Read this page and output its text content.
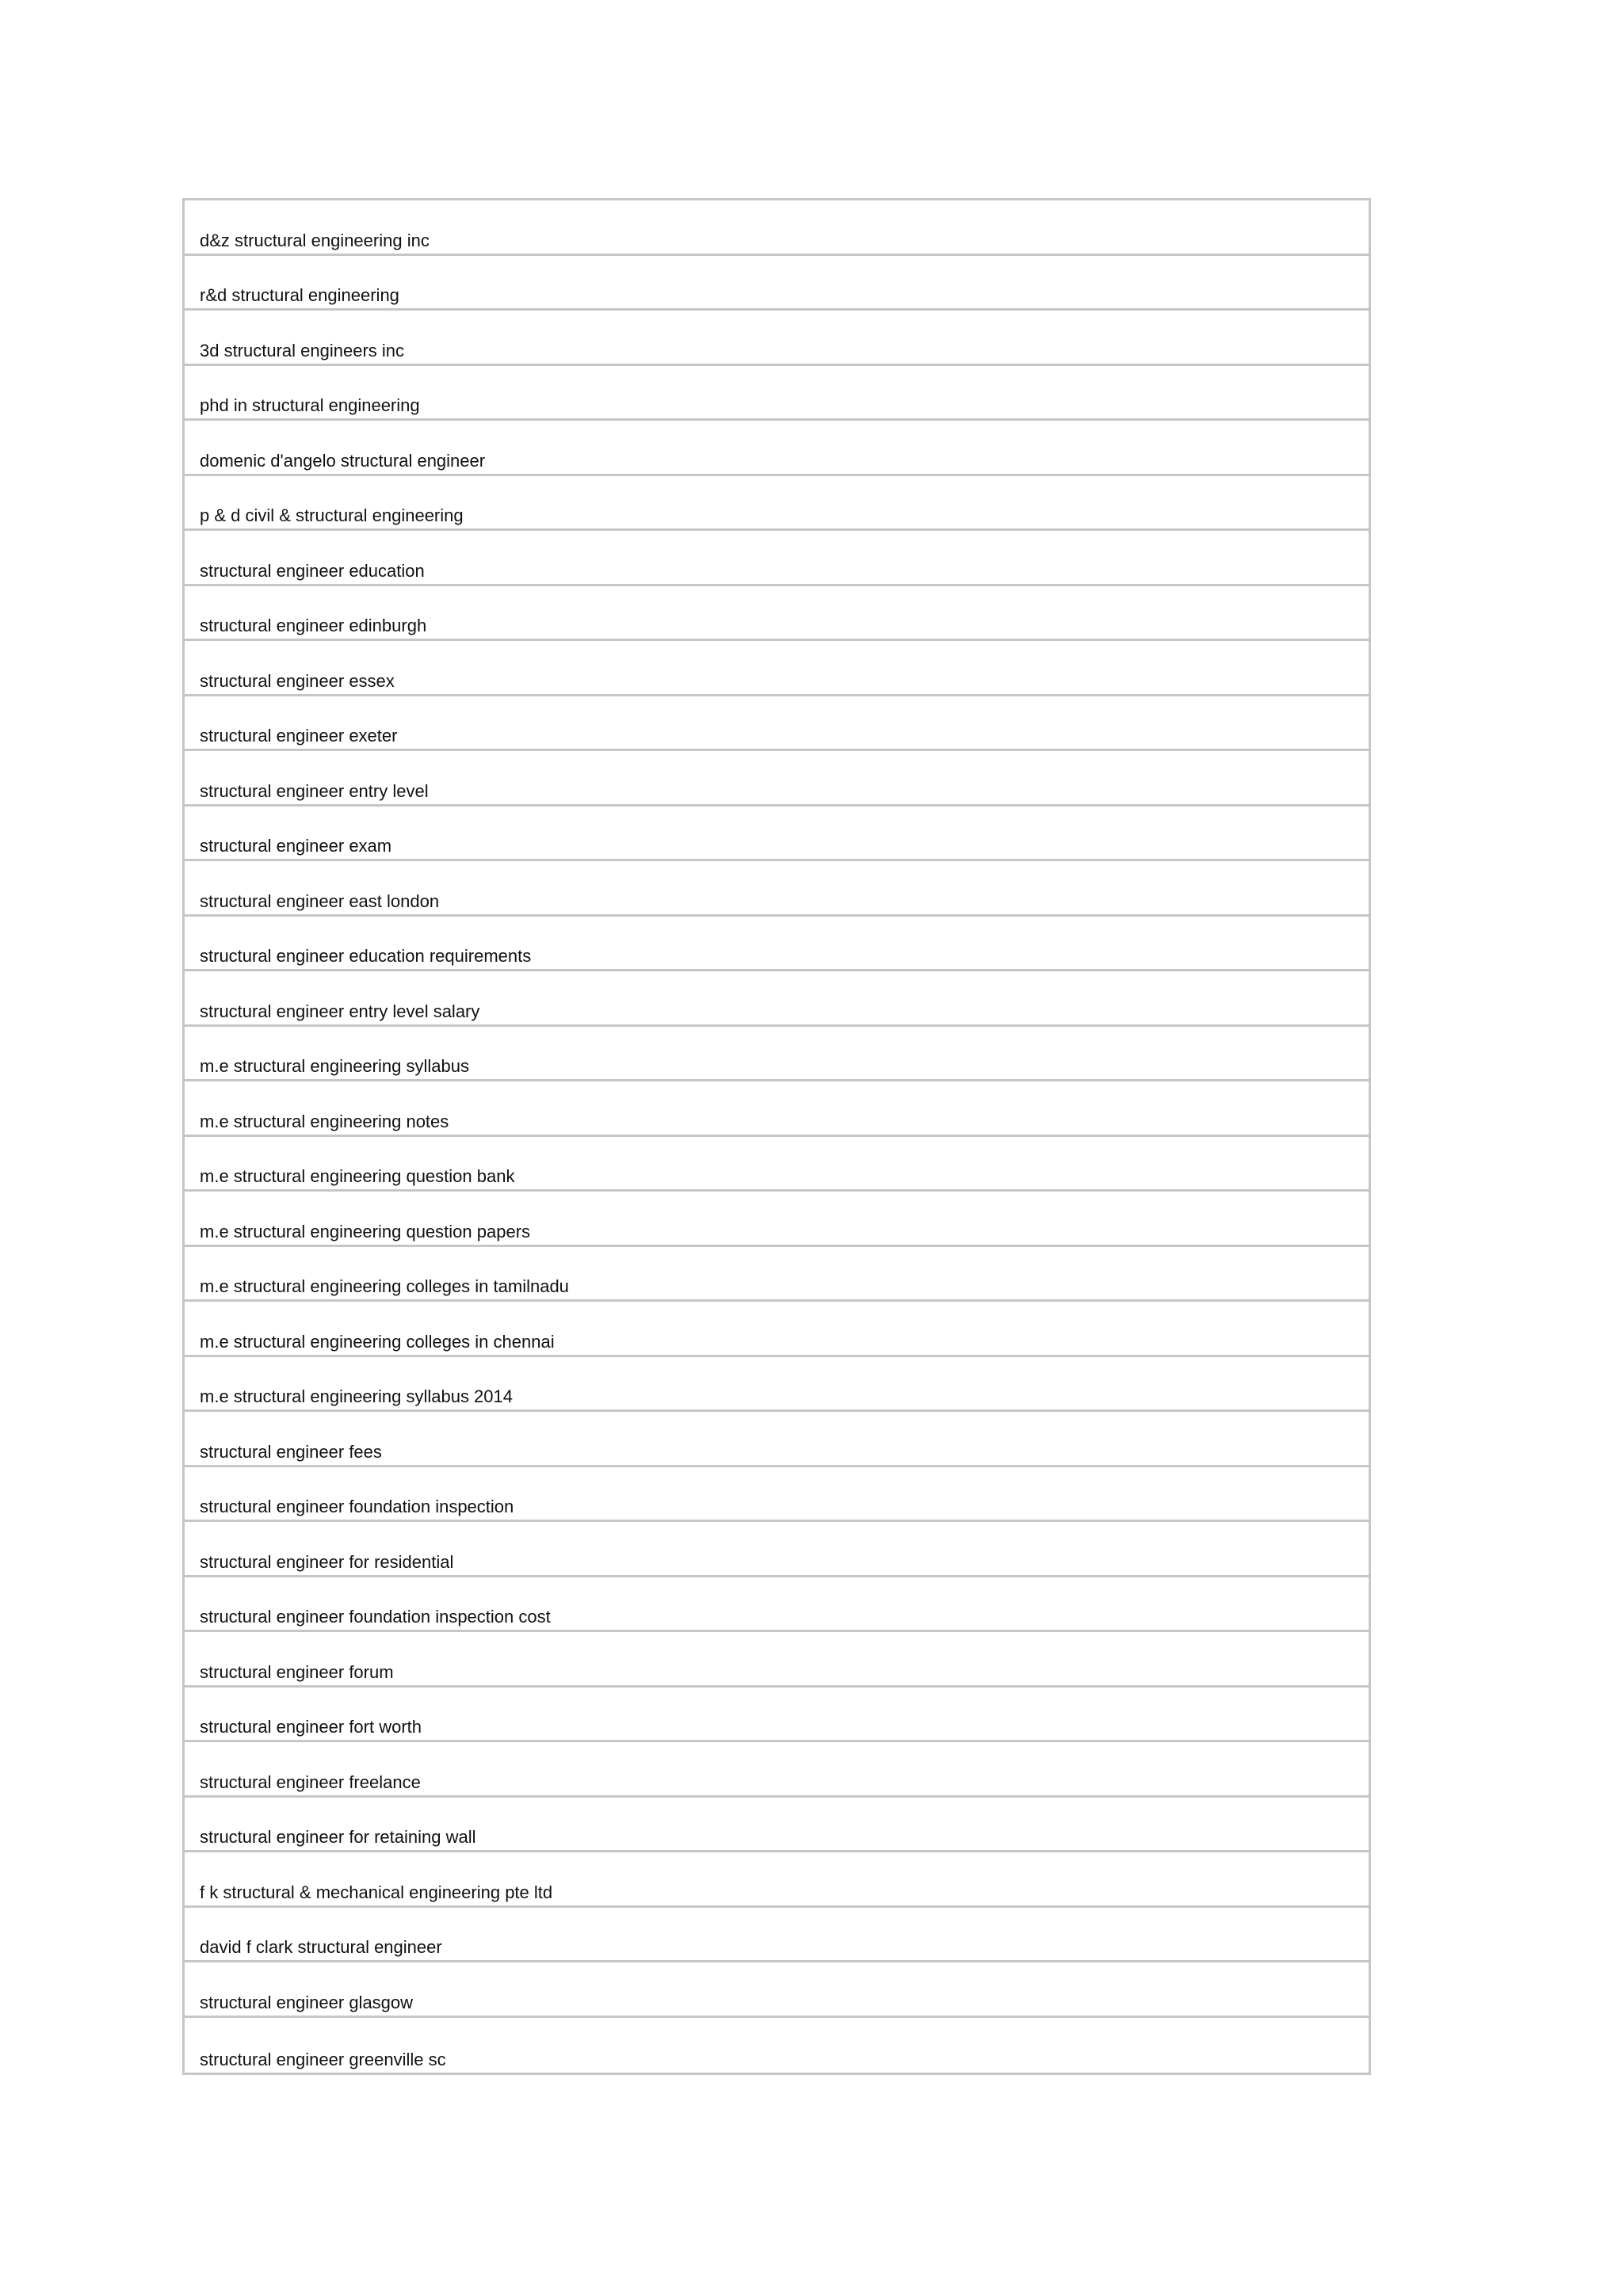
d&z structural engineering inc
r&d structural engineering
3d structural engineers inc
phd in structural engineering
domenic d'angelo structural engineer
p & d civil & structural engineering
structural engineer education
structural engineer edinburgh
structural engineer essex
structural engineer exeter
structural engineer entry level
structural engineer exam
structural engineer east london
structural engineer education requirements
structural engineer entry level salary
m.e structural engineering syllabus
m.e structural engineering notes
m.e structural engineering question bank
m.e structural engineering question papers
m.e structural engineering colleges in tamilnadu
m.e structural engineering colleges in chennai
m.e structural engineering syllabus 2014
structural engineer fees
structural engineer foundation inspection
structural engineer for residential
structural engineer foundation inspection cost
structural engineer forum
structural engineer fort worth
structural engineer freelance
structural engineer for retaining wall
f k structural & mechanical engineering pte ltd
david f clark structural engineer
structural engineer glasgow
structural engineer greenville sc
